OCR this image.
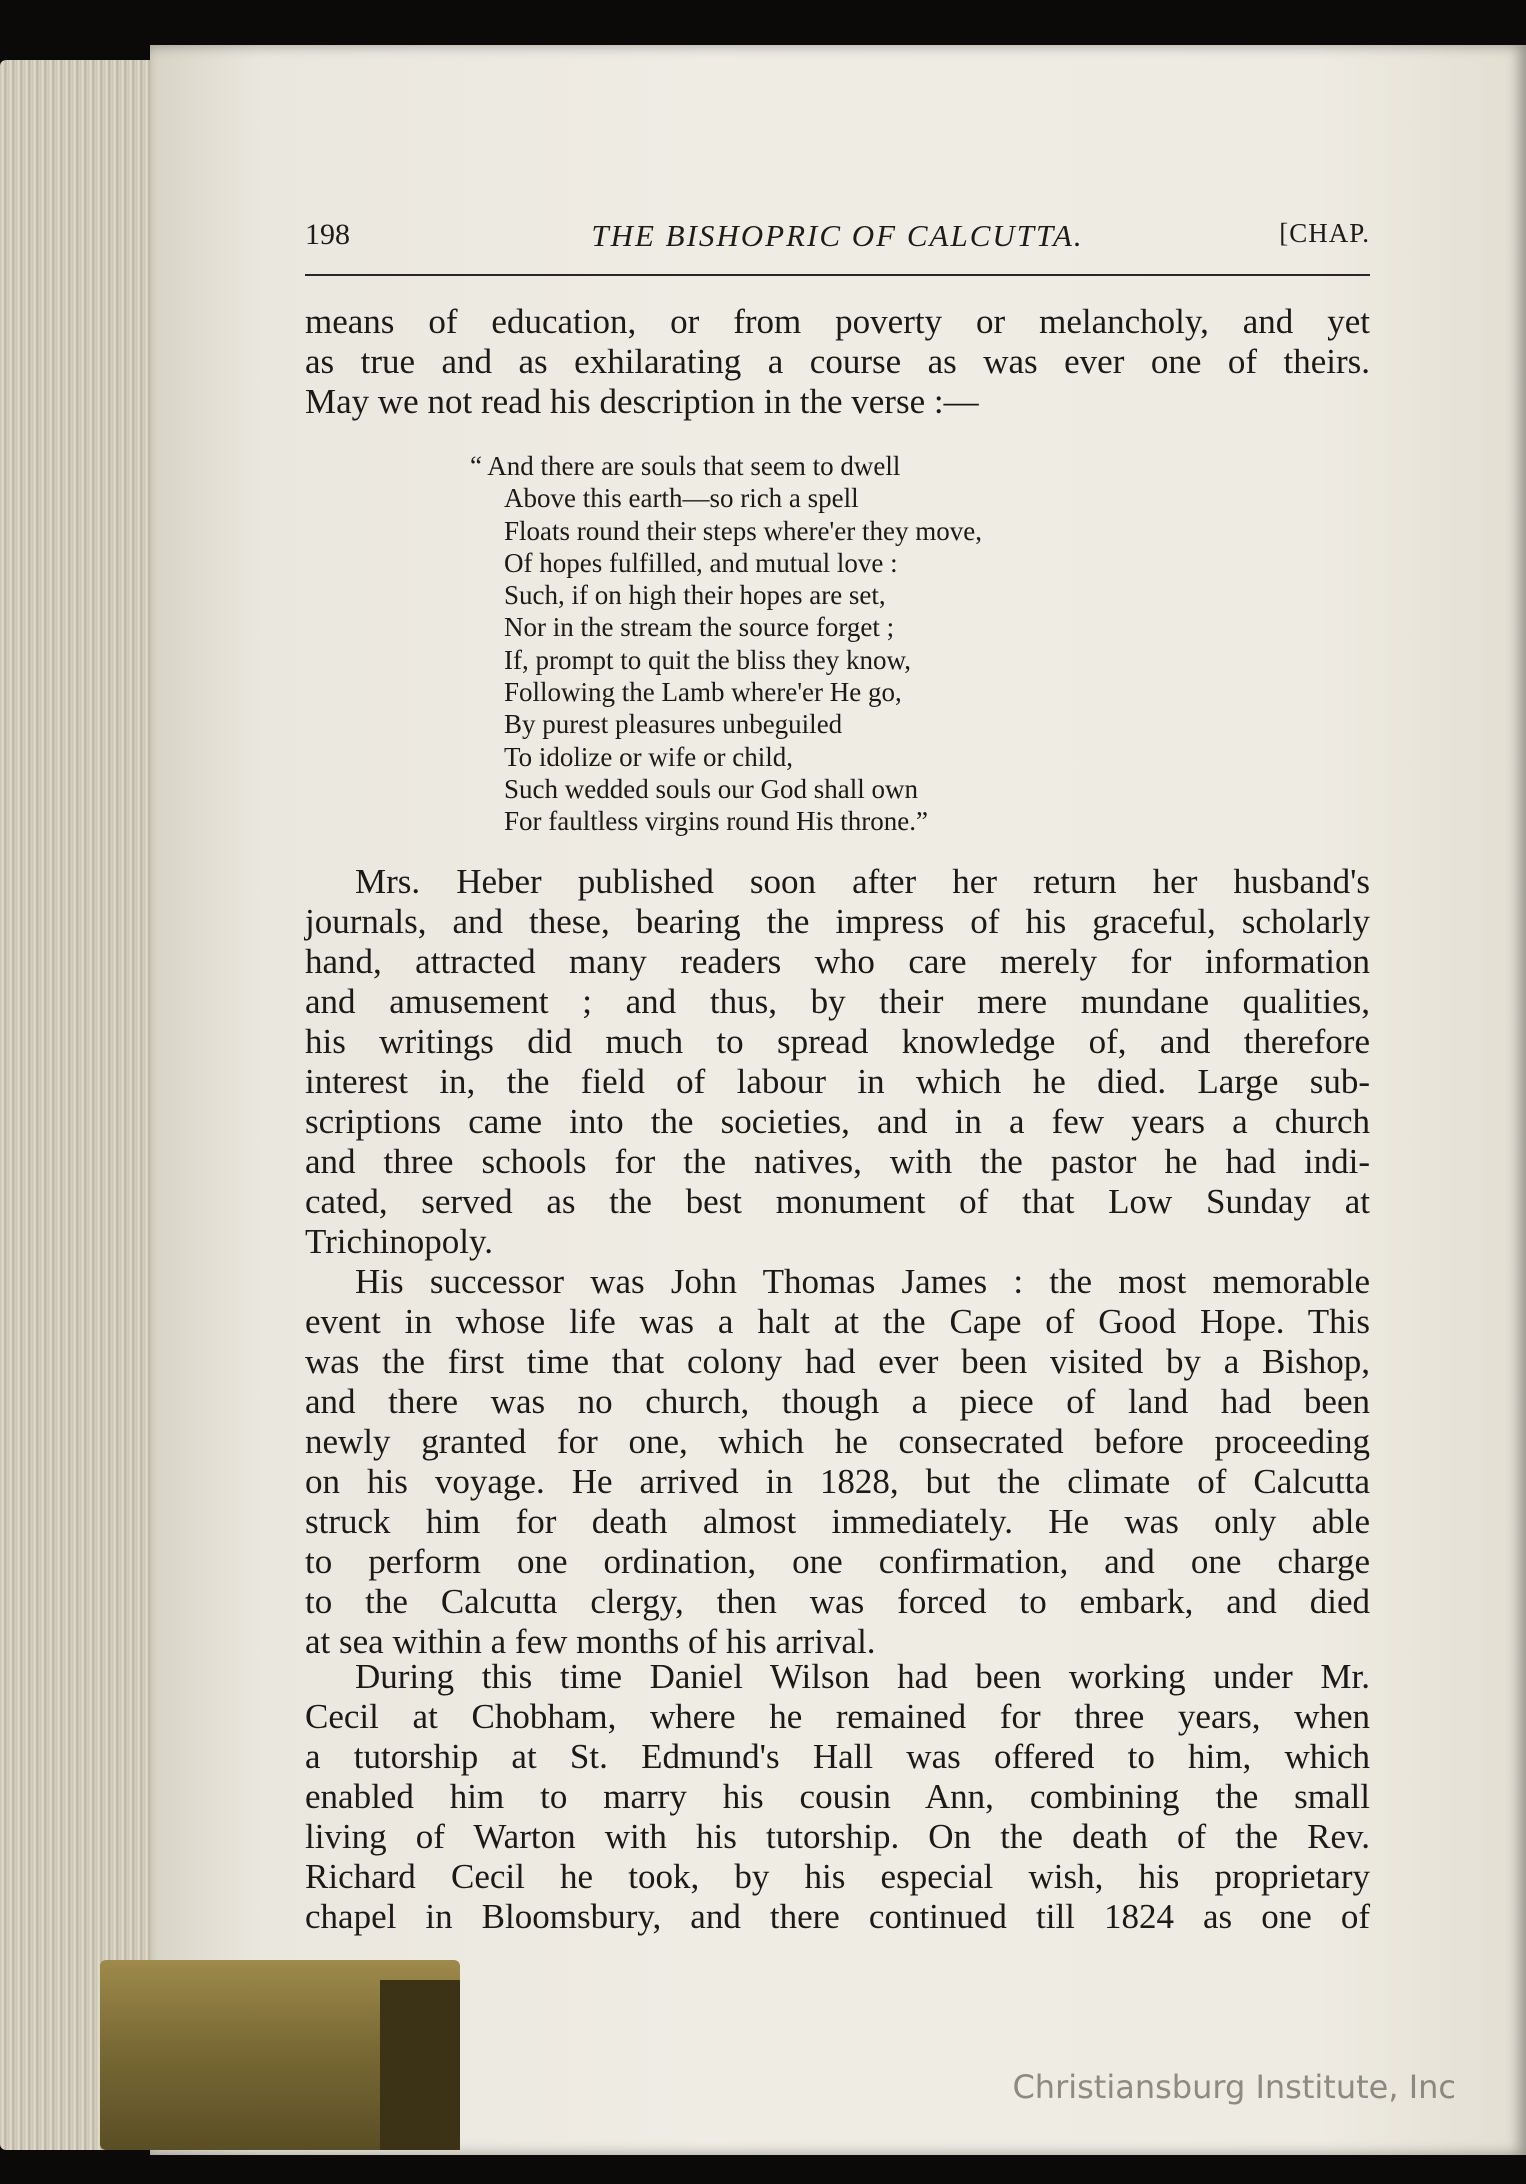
198	THE BISHOPRIC OF CALCUTTA.	[CHAP.
means of education, or from poverty or melancholy, and yet
as true and as exhilarating a course as was ever one of theirs.
May we not read his description in the verse :—
“ And there are souls that seem to dwell
Above this earth—so rich a spell
Floats round their steps where'er they move,
Of hopes fulfilled, and mutual love :
Such, if on high their hopes are set,
Nor in the stream the source forget ;
If, prompt to quit the bliss they know,
Following the Lamb where'er He go,
By purest pleasures unbeguiled
To idolize or wife or child,
Such wedded souls our God shall own
For faultless virgins round His throne.”
Mrs. Heber published soon after her return her husband's
journals, and these, bearing the impress of his graceful, scholarly
hand, attracted many readers who care merely for information
and amusement ; and thus, by their mere mundane qualities,
his writings did much to spread knowledge of, and therefore
interest in, the field of labour in which he died. Large sub-
scriptions came into the societies, and in a few years a church
and three schools for the natives, with the pastor he had indi-
cated, served as the best monument of that Low Sunday at
Trichinopoly.
His successor was John Thomas James : the most memorable
event in whose life was a halt at the Cape of Good Hope. This
was the first time that colony had ever been visited by a Bishop,
and there was no church, though a piece of land had been
newly granted for one, which he consecrated before proceeding
on his voyage. He arrived in 1828, but the climate of Calcutta
struck him for death almost immediately. He was only able
to perform one ordination, one confirmation, and one charge
to the Calcutta clergy, then was forced to embark, and died
at sea within a few months of his arrival.
During this time Daniel Wilson had been working under Mr.
Cecil at Chobham, where he remained for three years, when
a tutorship at St. Edmund's Hall was offered to him, which
enabled him to marry his cousin Ann, combining the small
living of Warton with his tutorship. On the death of the Rev.
Richard Cecil he took, by his especial wish, his proprietary
chapel in Bloomsbury, and there continued till 1824 as one of
Christiansburg Institute, Inc
